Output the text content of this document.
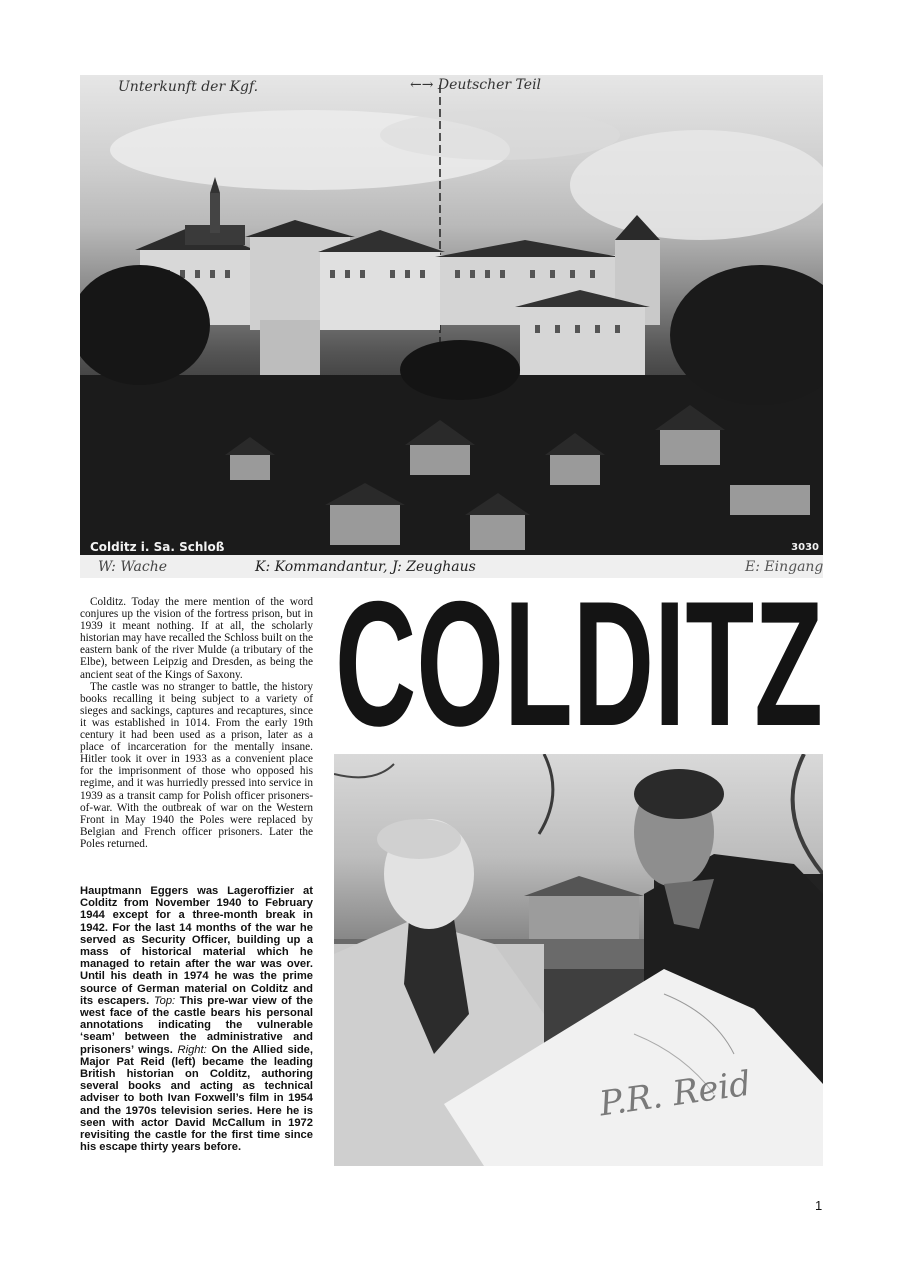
Unterkunft der Kgf.	←→ Deutscher Teil
Colditz i. Sa. Schloß	3030
W: Wache	K: Kommandantur, J: Zeughaus	E: Eingang

Colditz. Today the mere mention of the word conjures up the vision of the fortress prison, but in 1939 it meant nothing. If at all, the scholarly historian may have recalled the Schloss built on the eastern bank of the river Mulde (a tributary of the Elbe), between Leipzig and Dresden, as being the ancient seat of the Kings of Saxony.

The castle was no stranger to battle, the history books recalling it being subject to a variety of sieges and sackings, captures and recaptures, since it was established in 1014. From the early 19th century it had been used as a prison, later as a place of incarceration for the mentally insane. Hitler took it over in 1933 as a convenient place for the imprisonment of those who opposed his regime, and it was hurriedly pressed into service in 1939 as a transit camp for Polish officer prisoners-of-war. With the outbreak of war on the Western Front in May 1940 the Poles were replaced by Belgian and French officer prisoners. Later the Poles returned.

Hauptmann Eggers was Lageroffizier at Colditz from November 1940 to February 1944 except for a three-month break in 1942. For the last 14 months of the war he served as Security Officer, building up a mass of historical material which he managed to retain after the war was over. Until his death in 1974 he was the prime source of German material on Colditz and its escapers. Top: This pre-war view of the west face of the castle bears his personal annotations indicating the vulnerable ‘seam’ between the administrative and prisoners’ wings. Right: On the Allied side, Major Pat Reid (left) became the leading British historian on Colditz, authoring several books and acting as technical adviser to both Ivan Foxwell’s film in 1954 and the 1970s television series. Here he is seen with actor David McCallum in 1972 revisiting the castle for the first time since his escape thirty years before.
COLDITZ
P.R. Reid
1
